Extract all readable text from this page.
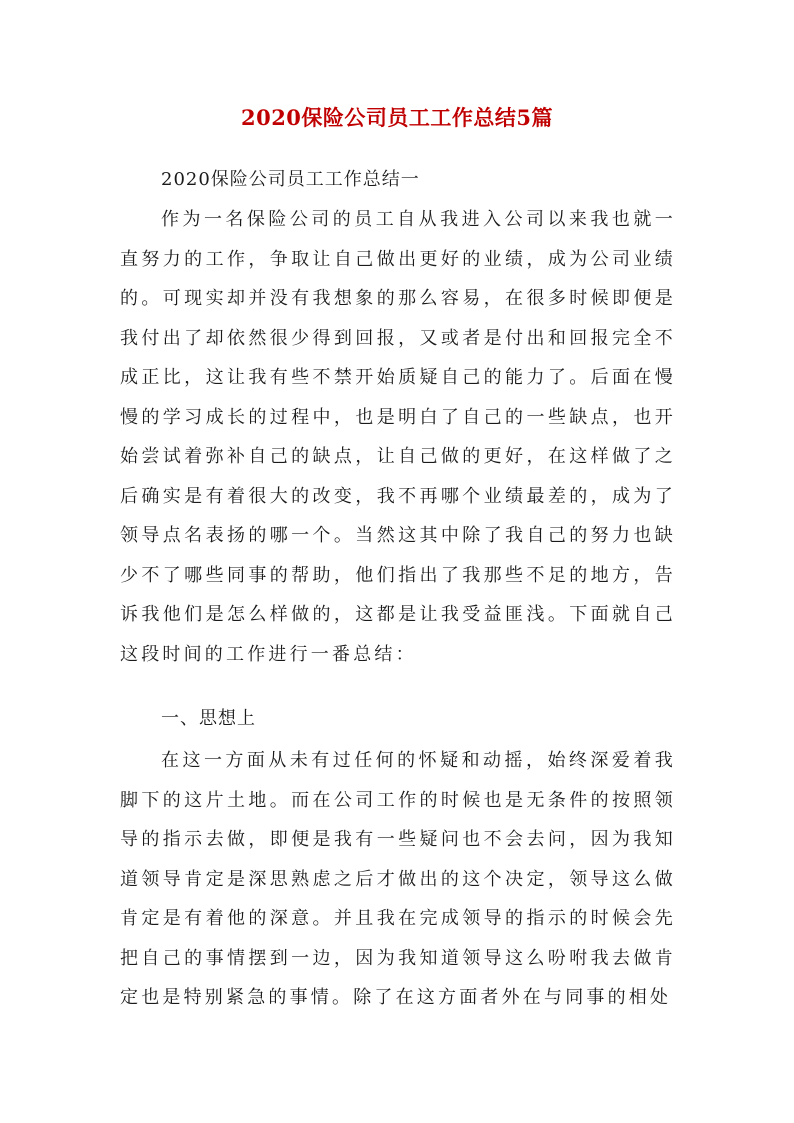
2020保险公司员工工作总结5篇
2020保险公司员工工作总结一

作为一名保险公司的员工自从我进入公司以来我也就一直努力的工作，争取让自己做出更好的业绩，成为公司业绩的。可现实却并没有我想象的那么容易，在很多时候即便是我付出了却依然很少得到回报，又或者是付出和回报完全不成正比，这让我有些不禁开始质疑自己的能力了。后面在慢慢的学习成长的过程中，也是明白了自己的一些缺点，也开始尝试着弥补自己的缺点，让自己做的更好，在这样做了之后确实是有着很大的改变，我不再哪个业绩最差的，成为了领导点名表扬的哪一个。当然这其中除了我自己的努力也缺少不了哪些同事的帮助，他们指出了我那些不足的地方，告诉我他们是怎么样做的，这都是让我受益匪浅。下面就自己这段时间的工作进行一番总结：

一、思想上

在这一方面从未有过任何的怀疑和动摇，始终深爱着我脚下的这片土地。而在公司工作的时候也是无条件的按照领导的指示去做，即便是我有一些疑问也不会去问，因为我知道领导肯定是深思熟虑之后才做出的这个决定，领导这么做肯定是有着他的深意。并且我在完成领导的指示的时候会先把自己的事情摆到一边，因为我知道领导这么吩咐我去做肯定也是特别紧急的事情。除了在这方面者外在与同事的相处
